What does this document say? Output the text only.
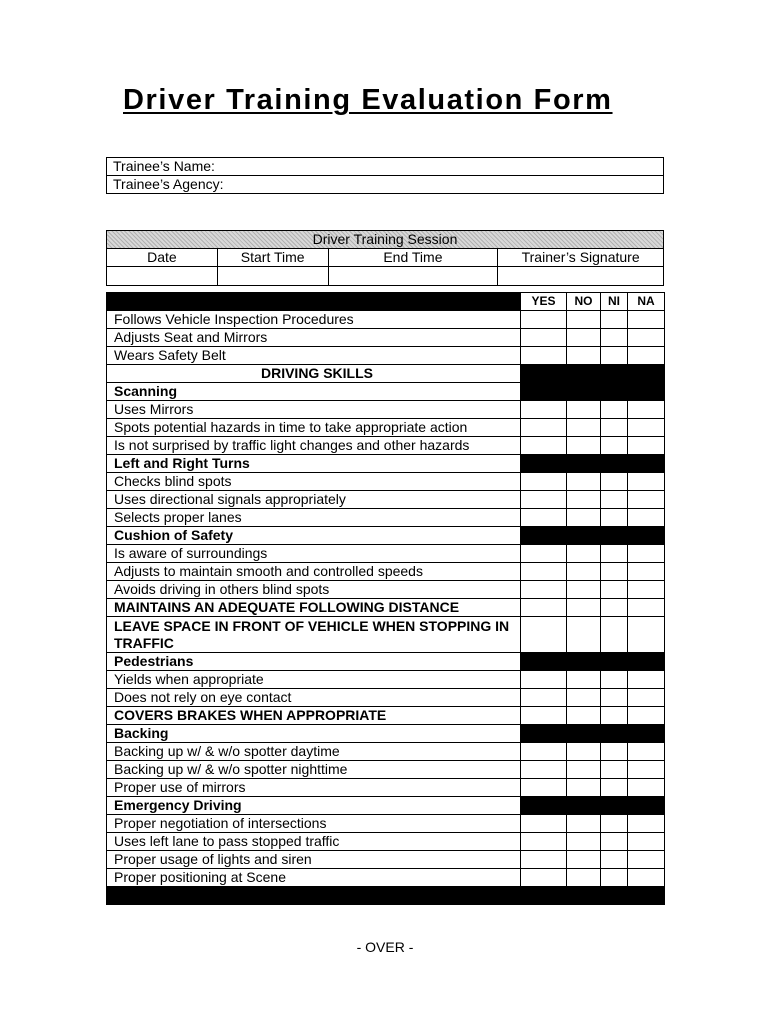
Driver Training Evaluation Form
Trainee’s Name:
Trainee’s Agency:
Driver Training Session			
Date	Start Time	End Time	Trainer’s Signature

	YES	NO	NI	NA
Follows Vehicle Inspection Procedures				
Adjusts Seat and Mirrors				
Wears Safety Belt				
DRIVING SKILLS				
Scanning				
Uses Mirrors				
Spots potential hazards in time to take appropriate action				
Is not surprised by traffic light changes and other hazards				
Left and Right Turns				
Checks blind spots				
Uses directional signals appropriately				
Selects proper lanes				
Cushion of Safety				
Is aware of surroundings				
Adjusts to maintain smooth and controlled speeds				
Avoids driving in others blind spots				
MAINTAINS AN ADEQUATE FOLLOWING DISTANCE				
LEAVE SPACE IN FRONT OF VEHICLE WHEN STOPPING IN TRAFFIC				
Pedestrians				
Yields when appropriate				
Does not rely on eye contact				
COVERS BRAKES WHEN APPROPRIATE				
Backing				
Backing up w/ & w/o spotter daytime				
Backing up w/ & w/o spotter nighttime				
Proper use of mirrors				
Emergency Driving				
Proper negotiation of intersections				
Uses left lane to pass stopped traffic				
Proper usage of lights and siren				
Proper positioning at Scene				

- OVER -
